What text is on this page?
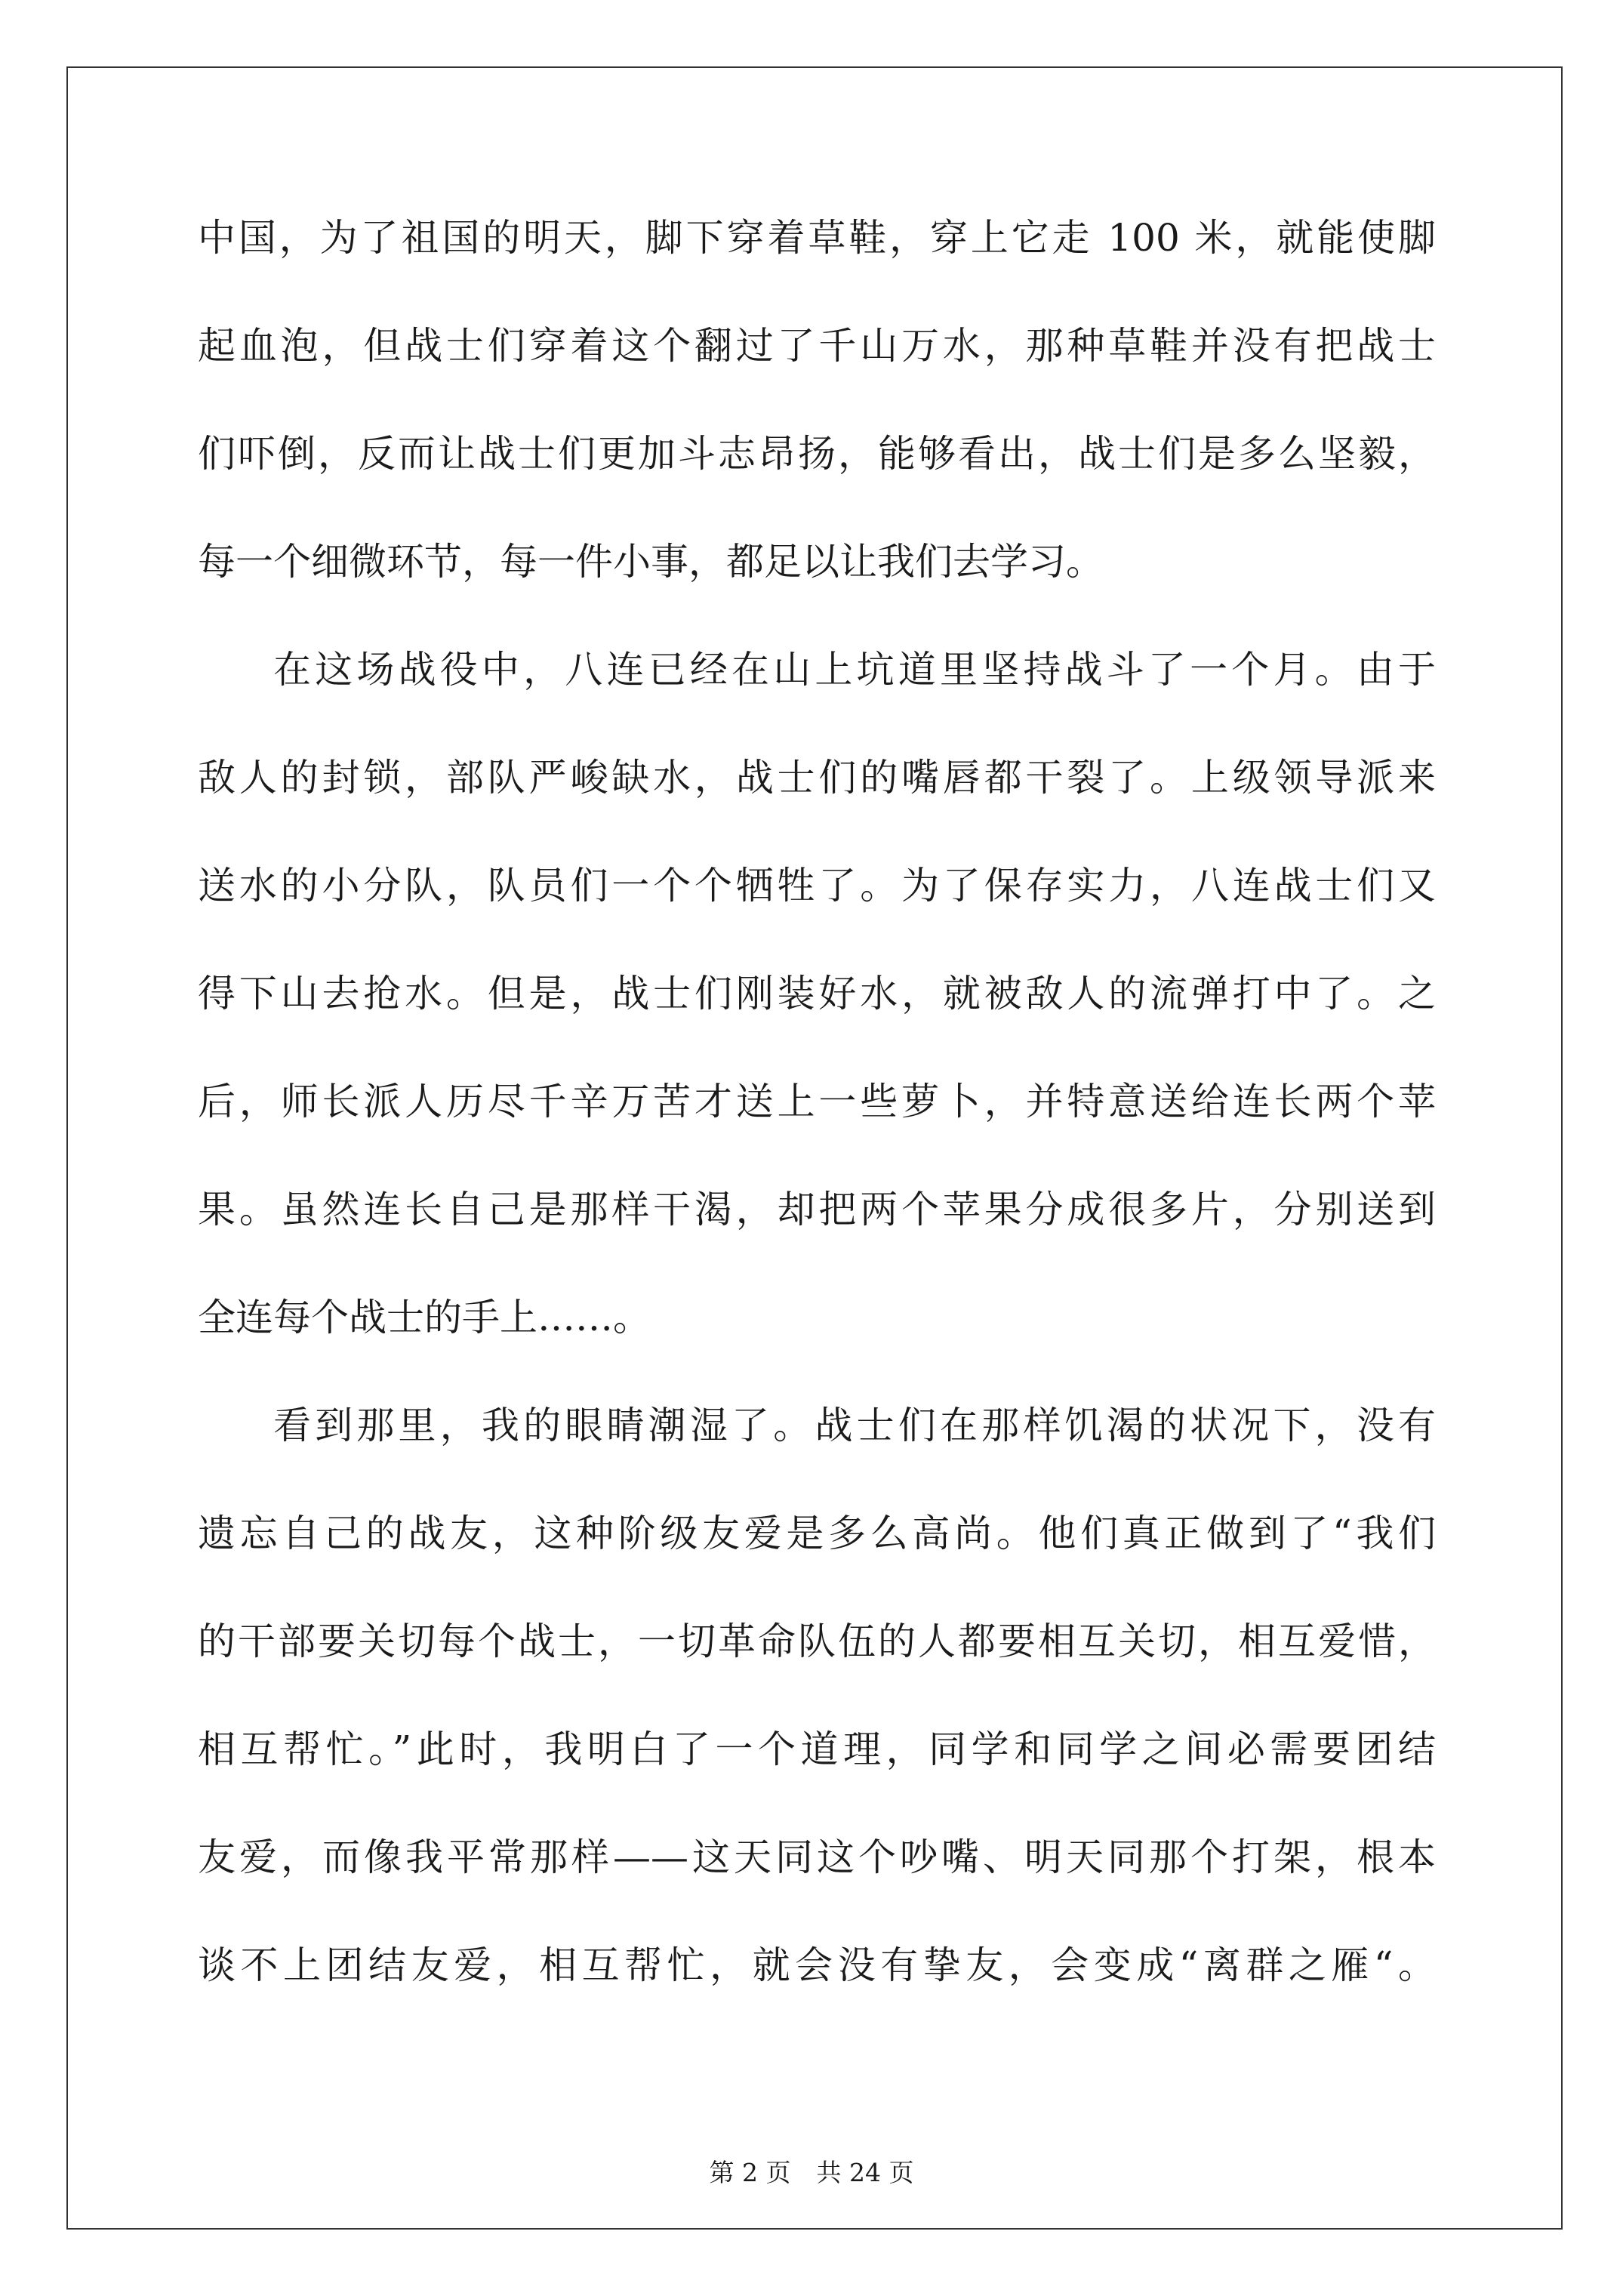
中国，为了祖国的明天，脚下穿着草鞋，穿上它走 100 米，就能使脚
起血泡，但战士们穿着这个翻过了千山万水，那种草鞋并没有把战士
们吓倒，反而让战士们更加斗志昂扬，能够看出，战士们是多么坚毅，
每一个细微环节，每一件小事，都足以让我们去学习。
在这场战役中，八连已经在山上坑道里坚持战斗了一个月。由于
敌人的封锁，部队严峻缺水，战士们的嘴唇都干裂了。上级领导派来
送水的小分队，队员们一个个牺牲了。为了保存实力，八连战士们又
得下山去抢水。但是，战士们刚装好水，就被敌人的流弹打中了。之
后，师长派人历尽千辛万苦才送上一些萝卜，并特意送给连长两个苹
果。虽然连长自己是那样干渴，却把两个苹果分成很多片，分别送到
全连每个战士的手上……。
看到那里，我的眼睛潮湿了。战士们在那样饥渴的状况下，没有
遗忘自己的战友，这种阶级友爱是多么高尚。他们真正做到了“我们
的干部要关切每个战士，一切革命队伍的人都要相互关切，相互爱惜，
相互帮忙。”此时，我明白了一个道理，同学和同学之间必需要团结
友爱，而像我平常那样——这天同这个吵嘴、明天同那个打架，根本
谈不上团结友爱，相互帮忙，就会没有挚友，会变成“离群之雁“。
第 2 页 共 24 页
